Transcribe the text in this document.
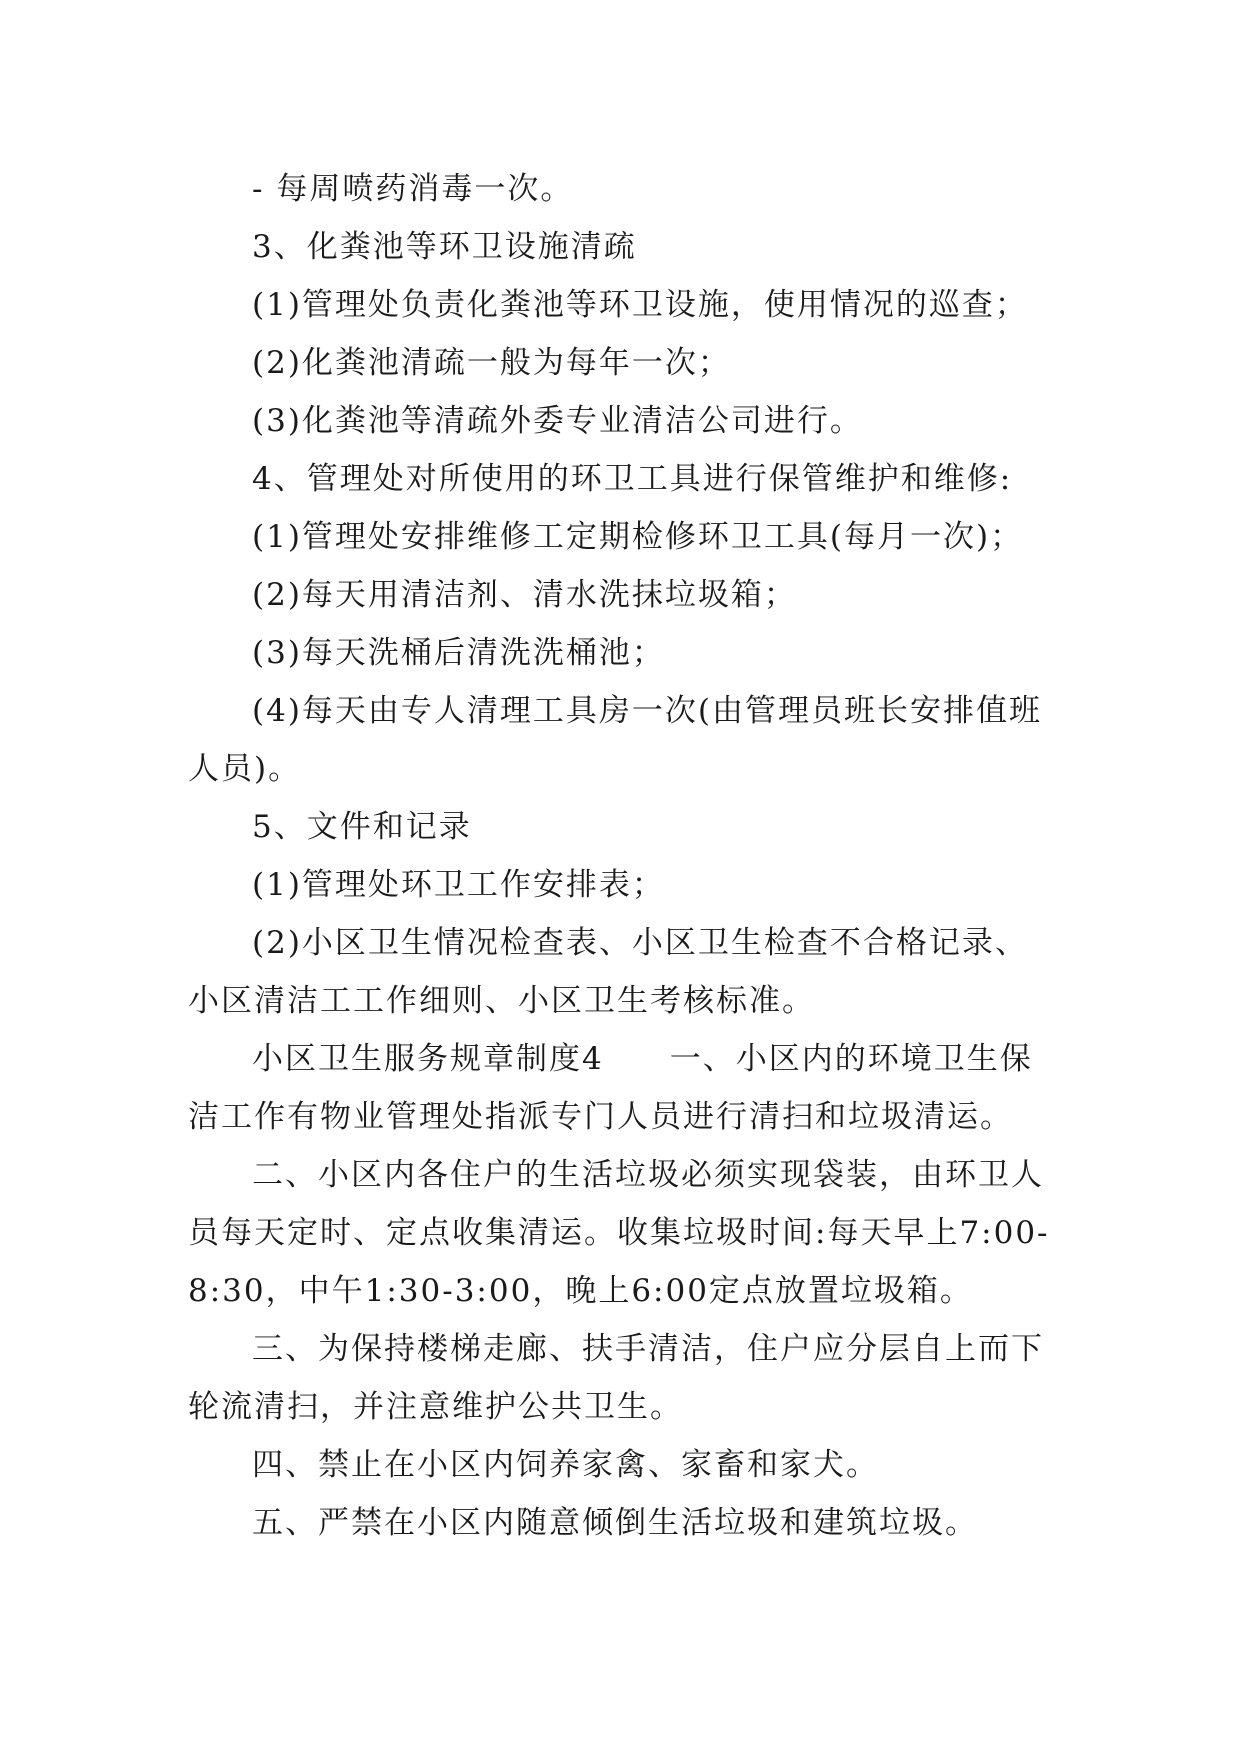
- 每周喷药消毒一次。

3、化粪池等环卫设施清疏

(1)管理处负责化粪池等环卫设施，使用情况的巡查；

(2)化粪池清疏一般为每年一次；

(3)化粪池等清疏外委专业清洁公司进行。

4、管理处对所使用的环卫工具进行保管维护和维修:

(1)管理处安排维修工定期检修环卫工具(每月一次)；

(2)每天用清洁剂、清水洗抹垃圾箱；

(3)每天洗桶后清洗洗桶池；

(4)每天由专人清理工具房一次(由管理员班长安排值班人员)。

5、文件和记录

(1)管理处环卫工作安排表；

(2)小区卫生情况检查表、小区卫生检查不合格记录、小区清洁工工作细则、小区卫生考核标准。

小区卫生服务规章制度4　　一、小区内的环境卫生保洁工作有物业管理处指派专门人员进行清扫和垃圾清运。

二、小区内各住户的生活垃圾必须实现袋装，由环卫人员每天定时、定点收集清运。收集垃圾时间:每天早上7:00-8:30，中午1:30-3:00，晚上6:00定点放置垃圾箱。

三、为保持楼梯走廊、扶手清洁，住户应分层自上而下轮流清扫，并注意维护公共卫生。

四、禁止在小区内饲养家禽、家畜和家犬。

五、严禁在小区内随意倾倒生活垃圾和建筑垃圾。
